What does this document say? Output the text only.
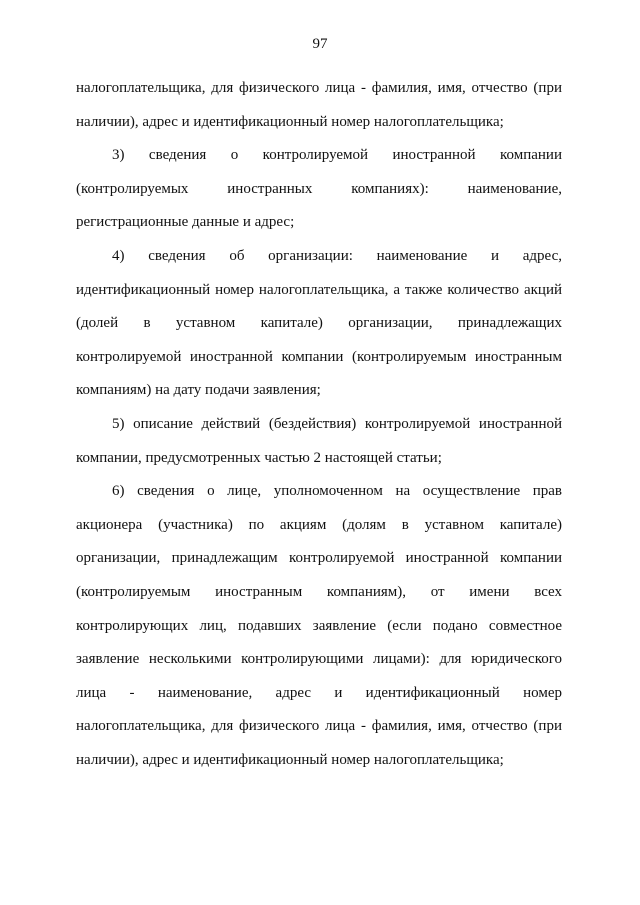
97

налогоплательщика, для физического лица - фамилия, имя, отчество (при наличии), адрес и идентификационный номер налогоплательщика;

3) сведения о контролируемой иностранной компании (контролируемых иностранных компаниях): наименование, регистрационные данные и адрес;

4) сведения об организации: наименование и адрес, идентификационный номер налогоплательщика, а также количество акций (долей в уставном капитале) организации, принадлежащих контролируемой иностранной компании (контролируемым иностранным компаниям) на дату подачи заявления;

5) описание действий (бездействия) контролируемой иностранной компании, предусмотренных частью 2 настоящей статьи;

6) сведения о лице, уполномоченном на осуществление прав акционера (участника) по акциям (долям в уставном капитале) организации, принадлежащим контролируемой иностранной компании (контролируемым иностранным компаниям), от имени всех контролирующих лиц, подавших заявление (если подано совместное заявление несколькими контролирующими лицами): для юридического лица - наименование, адрес и идентификационный номер налогоплательщика, для физического лица - фамилия, имя, отчество (при наличии), адрес и идентификационный номер налогоплательщика;
